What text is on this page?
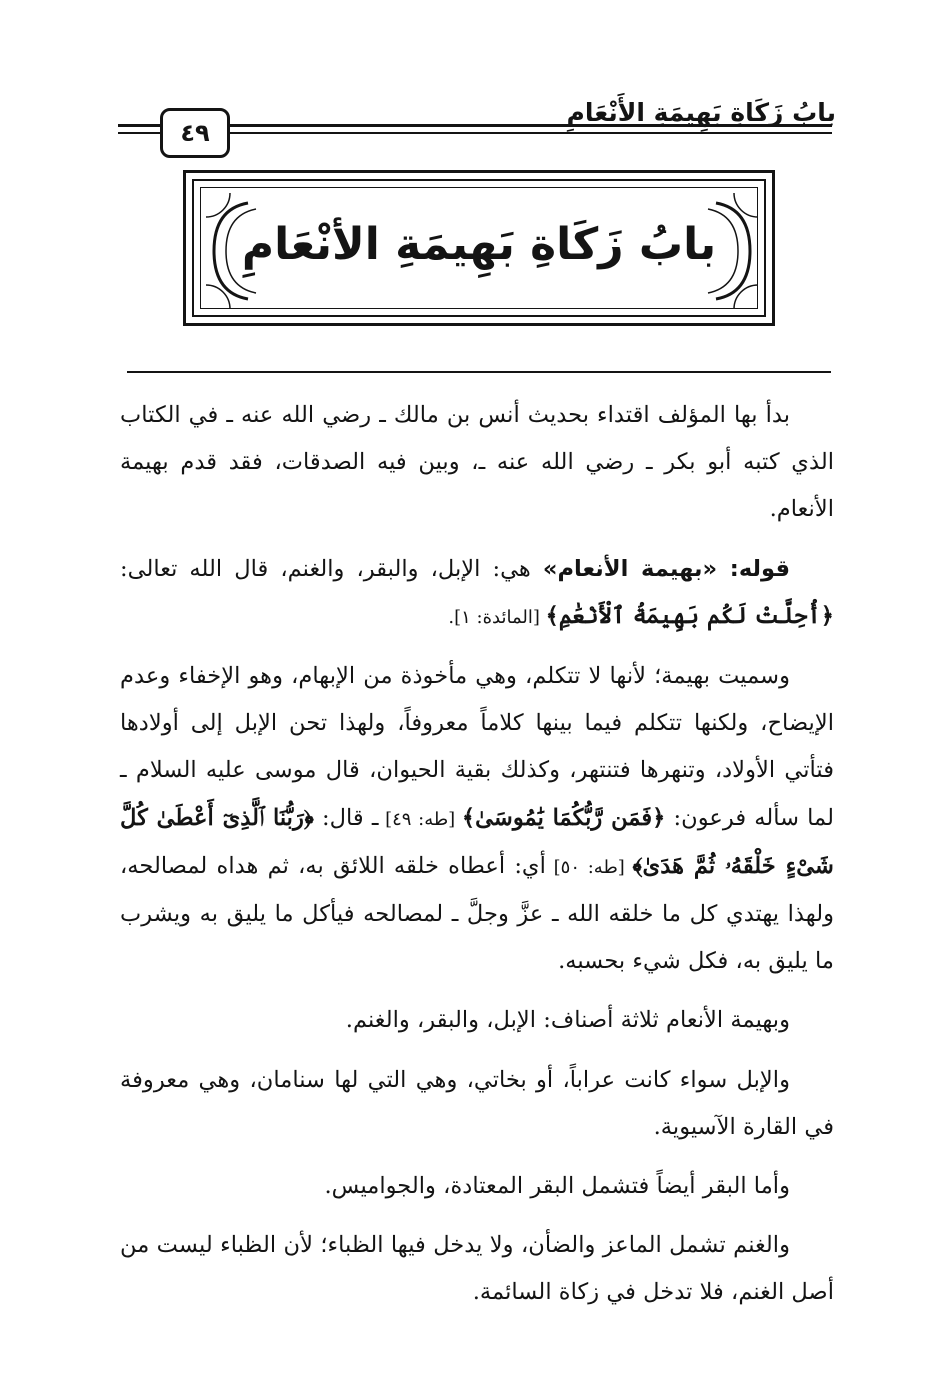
بابُ زَكَاةِ بَهِيمَةِ الأَنْعَامِ
٤٩
بابُ زَكَاةِ بَهِيمَةِ الأنْعَامِ

بدأ بها المؤلف اقتداء بحديث أنس بن مالك ـ رضي الله عنه ـ في الكتاب الذي كتبه أبو بكر ـ رضي الله عنه ـ، وبين فيه الصدقات، فقد قدم بهيمة الأنعام.

قوله: «بهيمة الأنعام» هي: الإبل، والبقر، والغنم، قال الله تعالى: ﴿أُحِلَّتْ لَكُم بَهِيمَةُ ٱلْأَنْعَٰمِ﴾ [المائدة: ١].

وسميت بهيمة؛ لأنها لا تتكلم، وهي مأخوذة من الإبهام، وهو الإخفاء وعدم الإيضاح، ولكنها تتكلم فيما بينها كلاماً معروفاً، ولهذا تحن الإبل إلى أولادها فتأتي الأولاد، وتنهرها فتنتهر، وكذلك بقية الحيوان، قال موسى عليه السلام ـ لما سأله فرعون: ﴿فَمَن رَّبُّكُمَا يَٰمُوسَىٰ﴾ [طه: ٤٩] ـ قال: ﴿رَبُّنَا ٱلَّذِىٓ أَعْطَىٰ كُلَّ شَىْءٍ خَلْقَهُۥ ثُمَّ هَدَىٰ﴾ [طه: ٥٠] أي: أعطاه خلقه اللائق به، ثم هداه لمصالحه، ولهذا يهتدي كل ما خلقه الله ـ عزَّ وجلَّ ـ لمصالحه فيأكل ما يليق به ويشرب ما يليق به، فكل شيء بحسبه.

وبهيمة الأنعام ثلاثة أصناف: الإبل، والبقر، والغنم.

والإبل سواء كانت عراباً، أو بخاتي، وهي التي لها سنامان، وهي معروفة في القارة الآسيوية.

وأما البقر أيضاً فتشمل البقر المعتادة، والجواميس.

والغنم تشمل الماعز والضأن، ولا يدخل فيها الظباء؛ لأن الظباء ليست من أصل الغنم، فلا تدخل في زكاة السائمة.
